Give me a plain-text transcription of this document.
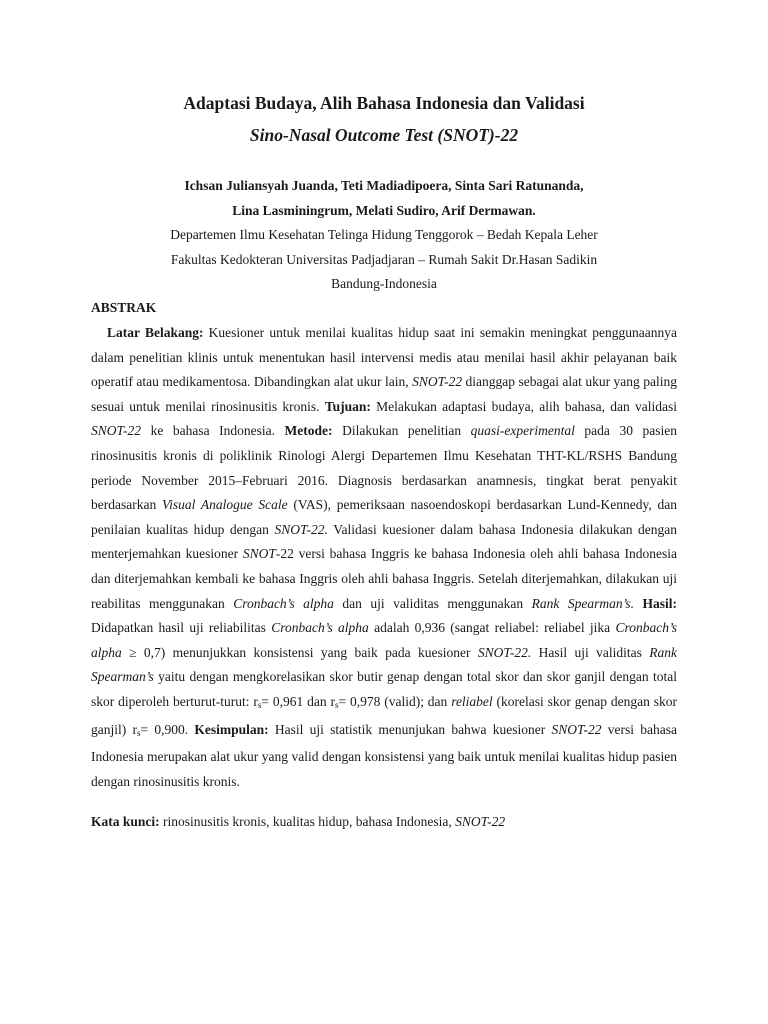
Adaptasi Budaya, Alih Bahasa Indonesia dan Validasi
Sino-Nasal Outcome Test (SNOT)-22
Ichsan Juliansyah Juanda, Teti Madiadipoera, Sinta Sari Ratunanda,
Lina Lasminingrum, Melati Sudiro, Arif Dermawan.
Departemen Ilmu Kesehatan Telinga Hidung Tenggorok – Bedah Kepala Leher
Fakultas Kedokteran Universitas Padjadjaran – Rumah Sakit Dr.Hasan Sadikin
Bandung-Indonesia
ABSTRAK

Latar Belakang: Kuesioner untuk menilai kualitas hidup saat ini semakin meningkat penggunaannya dalam penelitian klinis untuk menentukan hasil intervensi medis atau menilai hasil akhir pelayanan baik operatif atau medikamentosa. Dibandingkan alat ukur lain, SNOT-22 dianggap sebagai alat ukur yang paling sesuai untuk menilai rinosinusitis kronis. Tujuan: Melakukan adaptasi budaya, alih bahasa, dan validasi SNOT-22 ke bahasa Indonesia. Metode: Dilakukan penelitian quasi-experimental pada 30 pasien rinosinusitis kronis di poliklinik Rinologi Alergi Departemen Ilmu Kesehatan THT-KL/RSHS Bandung periode November 2015–Februari 2016. Diagnosis berdasarkan anamnesis, tingkat berat penyakit berdasarkan Visual Analogue Scale (VAS), pemeriksaan nasoendoskopi berdasarkan Lund-Kennedy, dan penilaian kualitas hidup dengan SNOT-22. Validasi kuesioner dalam bahasa Indonesia dilakukan dengan menterjemahkan kuesioner SNOT-22 versi bahasa Inggris ke bahasa Indonesia oleh ahli bahasa Indonesia dan diterjemahkan kembali ke bahasa Inggris oleh ahli bahasa Inggris. Setelah diterjemahkan, dilakukan uji reabilitas menggunakan Cronbach’s alpha dan uji validitas menggunakan Rank Spearman’s. Hasil: Didapatkan hasil uji reliabilitas Cronbach’s alpha adalah 0,936 (sangat reliabel: reliabel jika Cronbach’s alpha ≥ 0,7) menunjukkan konsistensi yang baik pada kuesioner SNOT-22. Hasil uji validitas Rank Spearman’s yaitu dengan mengkorelasikan skor butir genap dengan total skor dan skor ganjil dengan total skor diperoleh berturut-turut: $r_s= 0,961$ dan $r_s= 0,978$ (valid); dan reliabel (korelasi skor genap dengan skor ganjil) $r_s= 0,900$. Kesimpulan: Hasil uji statistik menunjukan bahwa kuesioner SNOT-22 versi bahasa Indonesia merupakan alat ukur yang valid dengan konsistensi yang baik untuk menilai kualitas hidup pasien dengan rinosinusitis kronis.

Kata kunci: rinosinusitis kronis, kualitas hidup, bahasa Indonesia, SNOT-22
